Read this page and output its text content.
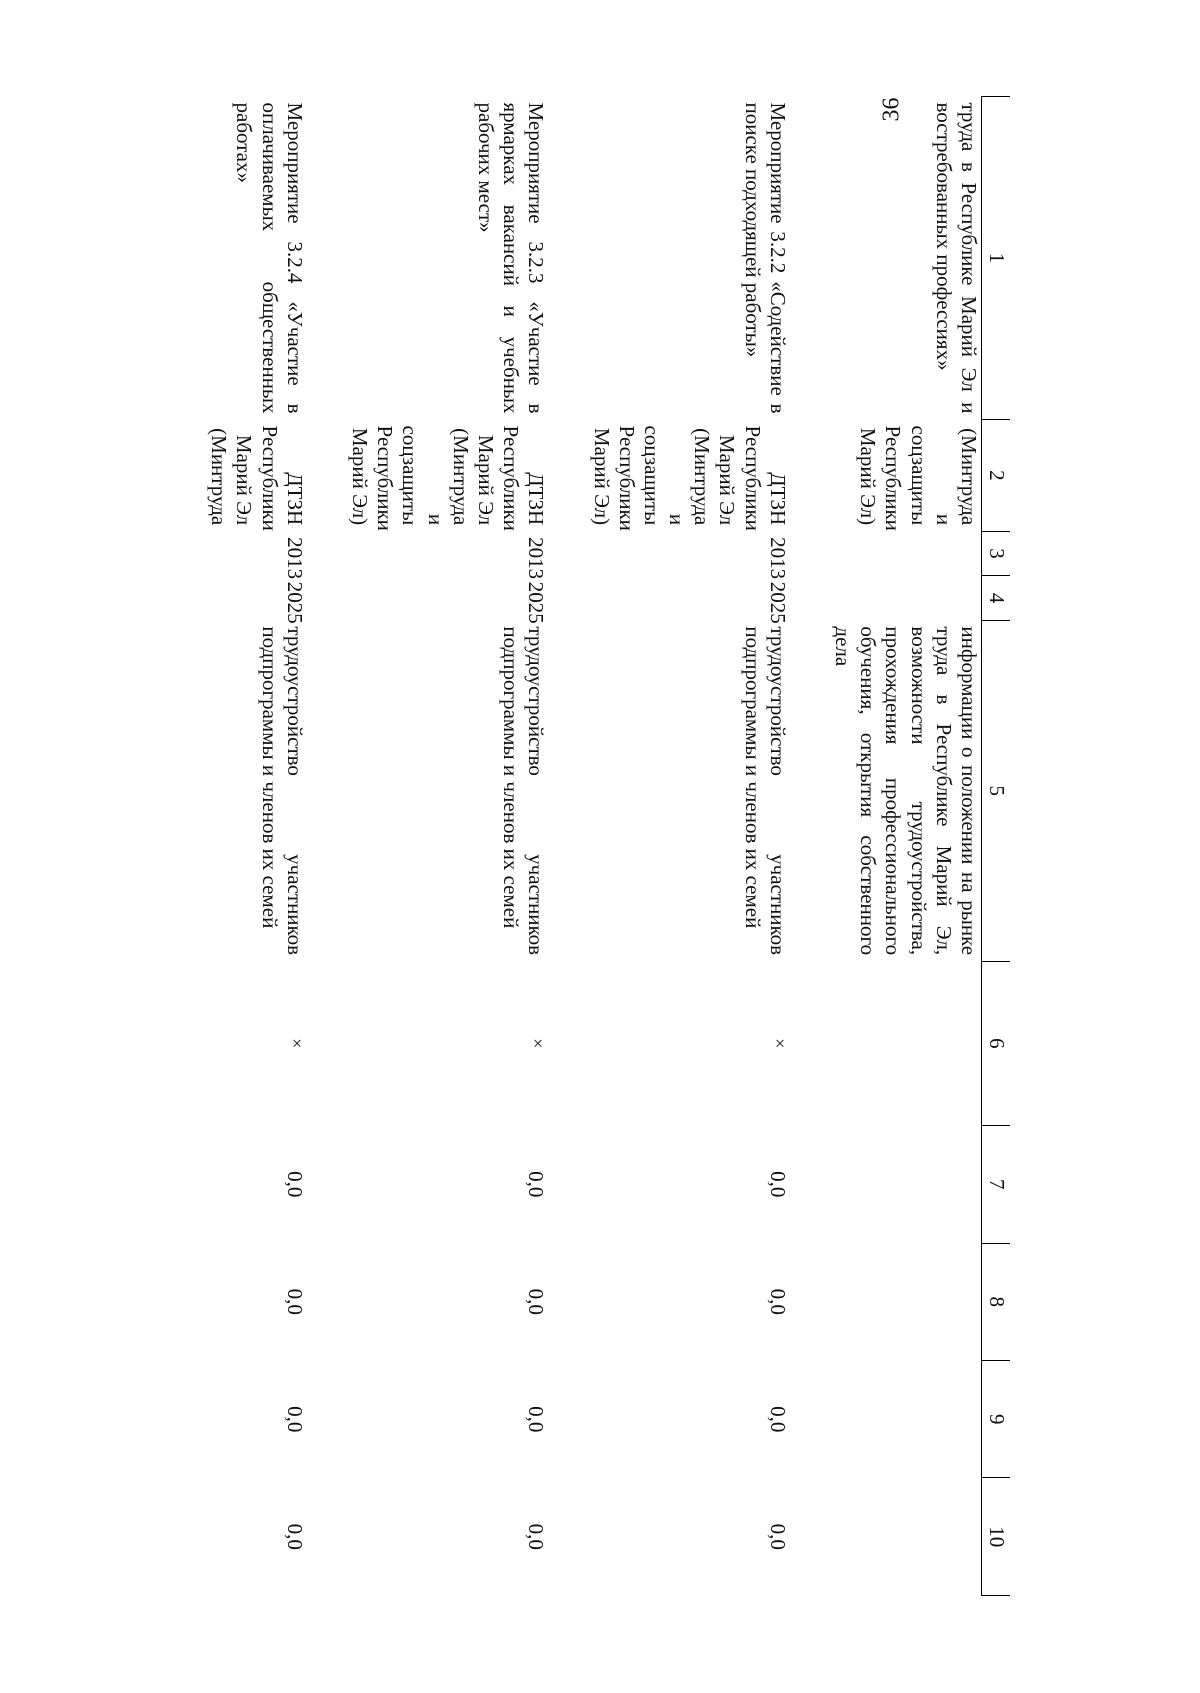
36
1	2	3	4	5	6	7	8	9	10
труда в Республике Марий Эл и востребованных профессиях»	(Минтруда и соцзащиты Республики Марий Эл)			информации о положении на рынке труда в Республике Марий Эл, возможности трудоустройства, прохождения профессионального обучения, открытия собственного дела					

Мероприятие 3.2.2 «Содействие в поиске подходящей работы»	ДТЗН Республики Марий Эл (Минтруда и соцзащиты Республики Марий Эл)	2013	2025	трудоустройство участников подпрограммы и членов их семей	×	0,0	0,0	0,0	0,0

Мероприятие 3.2.3 «Участие в ярмарках вакансий и учебных рабочих мест»	ДТЗН Республики Марий Эл (Минтруда и соцзащиты Республики Марий Эл)	2013	2025	трудоустройство участников подпрограммы и членов их семей	×	0,0	0,0	0,0	0,0

Мероприятие 3.2.4 «Участие в оплачиваемых общественных работах»	ДТЗН Республики Марий Эл (Минтруда	2013	2025	трудоустройство участников подпрограммы и членов их семей	×	0,0	0,0	0,0	0,0
